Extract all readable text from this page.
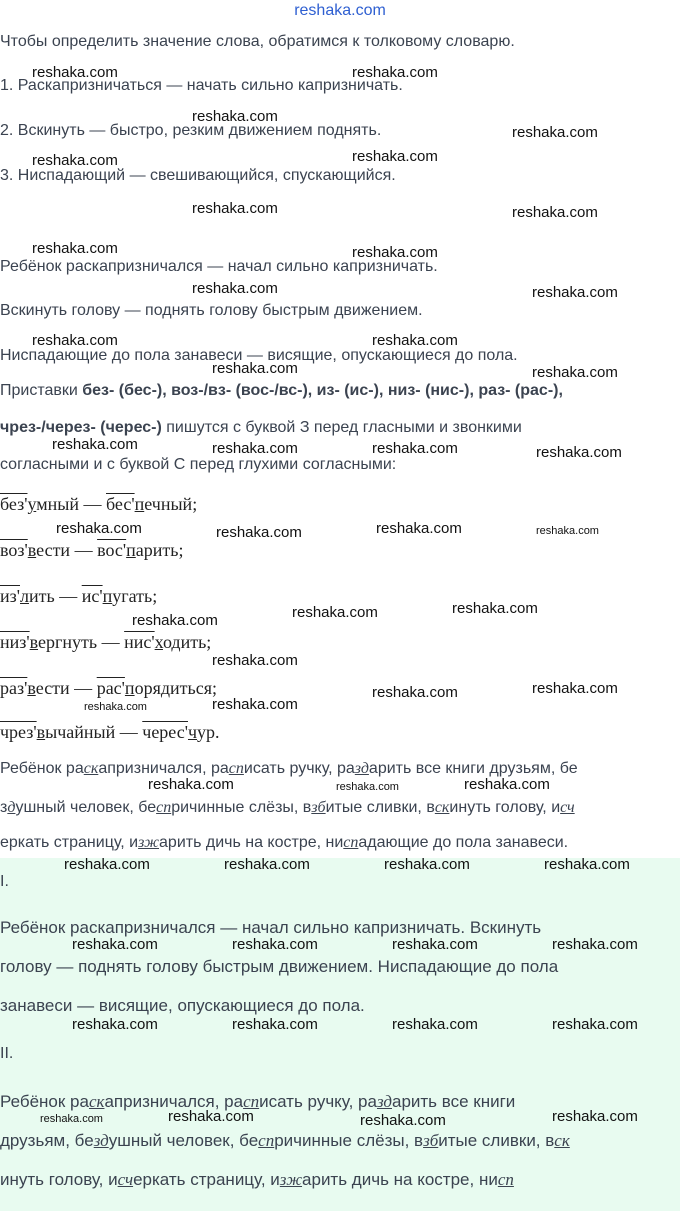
reshaka.com
Чтобы определить значение слова, обратимся к толковому словарю.
1. Раскапризничаться — начать сильно капризничать.
2. Вскинуть — быстро, резким движением поднять.
3. Ниспадающий — свешивающийся, спускающийся.
Ребёнок раскапризничался — начал сильно капризничать.
Вскинуть голову — поднять голову быстрым движением.
Ниспадающие до пола занавеси — висящие, опускающиеся до пола.
Приставки без- (бес-), воз-/вз- (вос-/вс-), из- (ис-), низ- (нис-), раз- (рас-),
чрез-/через- (черес-) пишутся с буквой З перед гласными и звонкими
согласными и с буквой С перед глухими согласными:
без'умный — бес'печный;
воз'вести — вос'парить;
из'лить — ис'пугать;
низ'вергнуть — нис'ходить;
раз'вести — рас'порядиться;
чрез'вычайный — черес'чур.
Ребёнок раскапризничался, расписать ручку, раздарить все книги друзьям, бе
здушный человек, беспричинные слёзы, взбитые сливки, вскинуть голову, исч
еркать страницу, изжарить дичь на костре, ниспадающие до пола занавеси.
I.
Ребёнок раскапризничался — начал сильно капризничать. Вскинуть
голову — поднять голову быстрым движением. Ниспадающие до пола
занавеси — висящие, опускающиеся до пола.
II.
Ребёнок раскапризничался, расписать ручку, раздарить все книги
друзьям, бездушный человек, беспричинные слёзы, взбитые сливки, вск
инуть голову, исчеркать страницу, изжарить дичь на костре, нисп
reshaka.com	reshaka.com
reshaka.com
reshaka.com
reshaka.com	reshaka.com
reshaka.com	reshaka.com
reshaka.com	reshaka.com
reshaka.com	reshaka.com
reshaka.com	reshaka.com
reshaka.com	reshaka.com
reshaka.com	reshaka.com	reshaka.com	reshaka.com
reshaka.com	reshaka.com	reshaka.com
reshaka.com	reshaka.com	reshaka.com
reshaka.com
reshaka.com	reshaka.com
reshaka.com
reshaka.com	reshaka.com
reshaka.com	reshaka.com	reshaka.com	reshaka.com
reshaka.com	reshaka.com	reshaka.com	reshaka.com
reshaka.com	reshaka.com	reshaka.com	reshaka.com
reshaka.com	reshaka.com	reshaka.com
reshaka.com
reshaka.com
reshaka.com
reshaka.com
